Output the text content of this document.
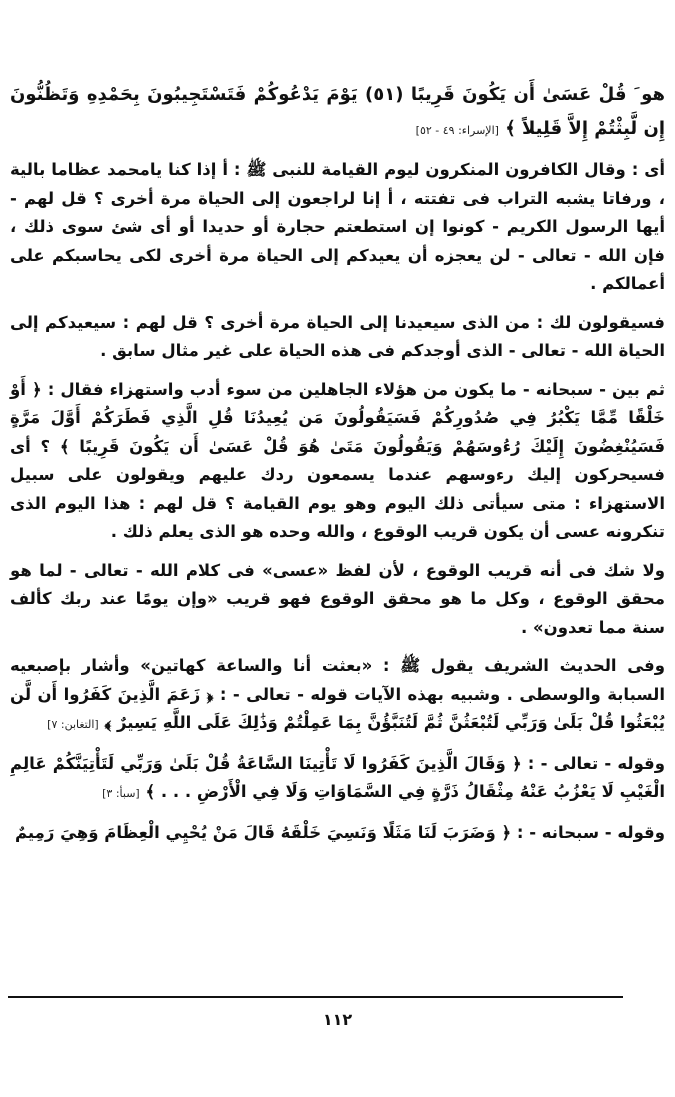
هو َ قُلْ عَسَىٰ أَن يَكُونَ قَرِيبًا (٥١) يَوْمَ يَدْعُوكُمْ فَتَسْتَجِيبُونَ بِحَمْدِهِ وَتَظُنُّونَ إِن لَّبِثْتُمْ إِلاَّ قَلِيلاً ﴾ [الإسراء: ٤٩ - ٥٢]

أى : وقال الكافرون المنكرون ليوم القيامة للنبى ﷺ : أ إذا كنا يامحمد عظاما بالية ، ورفاتا يشبه التراب فى تفتته ، أ إنا لراجعون إلى الحياة مرة أخرى ؟ قل لهم - أيها الرسول الكريم - كونوا إن استطعتم حجارة أو حديدا أو أى شئ سوى ذلك ، فإن الله - تعالى - لن يعجزه أن يعيدكم إلى الحياة مرة أخرى لكى يحاسبكم على أعمالكم .

فسيقولون لك : من الذى سيعيدنا إلى الحياة مرة أخرى ؟ قل لهم : سيعيدكم إلى الحياة الله - تعالى - الذى أوجدكم فى هذه الحياة على غير مثال سابق .

ثم بين - سبحانه - ما يكون من هؤلاء الجاهلين من سوء أدب واستهزاء فقال : ﴿ أَوْ خَلْقًا مِّمَّا يَكْبُرُ فِي صُدُورِكُمْ فَسَيَقُولُونَ مَن يُعِيدُنَا قُلِ الَّذِي فَطَرَكُمْ أَوَّلَ مَرَّةٍ فَسَيُنْغِضُونَ إِلَيْكَ رُءُوسَهُمْ وَيَقُولُونَ مَتَىٰ هُوَ قُلْ عَسَىٰ أَن يَكُونَ قَرِيبًا ﴾ ؟ أى فسيحركون إليك رءوسهم عندما يسمعون ردك عليهم ويقولون على سبيل الاستهزاء : متى سيأتى ذلك اليوم وهو يوم القيامة ؟ قل لهم : هذا اليوم الذى تنكرونه عسى أن يكون قريب الوقوع ، والله وحده هو الذى يعلم ذلك .

ولا شك فى أنه قريب الوقوع ، لأن لفظ «عسى» فى كلام الله - تعالى - لما هو محقق الوقوع ، وكل ما هو محقق الوقوع فهو قريب «وإن يومًا عند ربك كألف سنة مما تعدون» .

وفى الحديث الشريف يقول ﷺ : «بعثت أنا والساعة كهاتين» وأشار بإصبعيه السبابة والوسطى . وشبيه بهذه الآيات قوله - تعالى - : ﴿ زَعَمَ الَّذِينَ كَفَرُوا أَن لَّن يُبْعَثُوا قُلْ بَلَىٰ وَرَبِّي لَتُبْعَثُنَّ ثُمَّ لَتُنَبَّؤُنَّ بِمَا عَمِلْتُمْ وَذَٰلِكَ عَلَى اللَّهِ يَسِيرٌ ﴾ [التغابن: ٧]

وقوله - تعالى - : ﴿ وَقَالَ الَّذِينَ كَفَرُوا لَا تَأْتِينَا السَّاعَةُ قُلْ بَلَىٰ وَرَبِّي لَتَأْتِيَنَّكُمْ عَالِمِ الْغَيْبِ لَا يَعْزُبُ عَنْهُ مِثْقَالُ ذَرَّةٍ فِي السَّمَاوَاتِ وَلَا فِي الْأَرْضِ . . . ﴾ [سبأ: ٣]

وقوله - سبحانه - : ﴿ وَضَرَبَ لَنَا مَثَلًا وَنَسِيَ خَلْقَهُ قَالَ مَنْ يُحْيِي الْعِظَامَ وَهِيَ رَمِيمٌ

١١٢
